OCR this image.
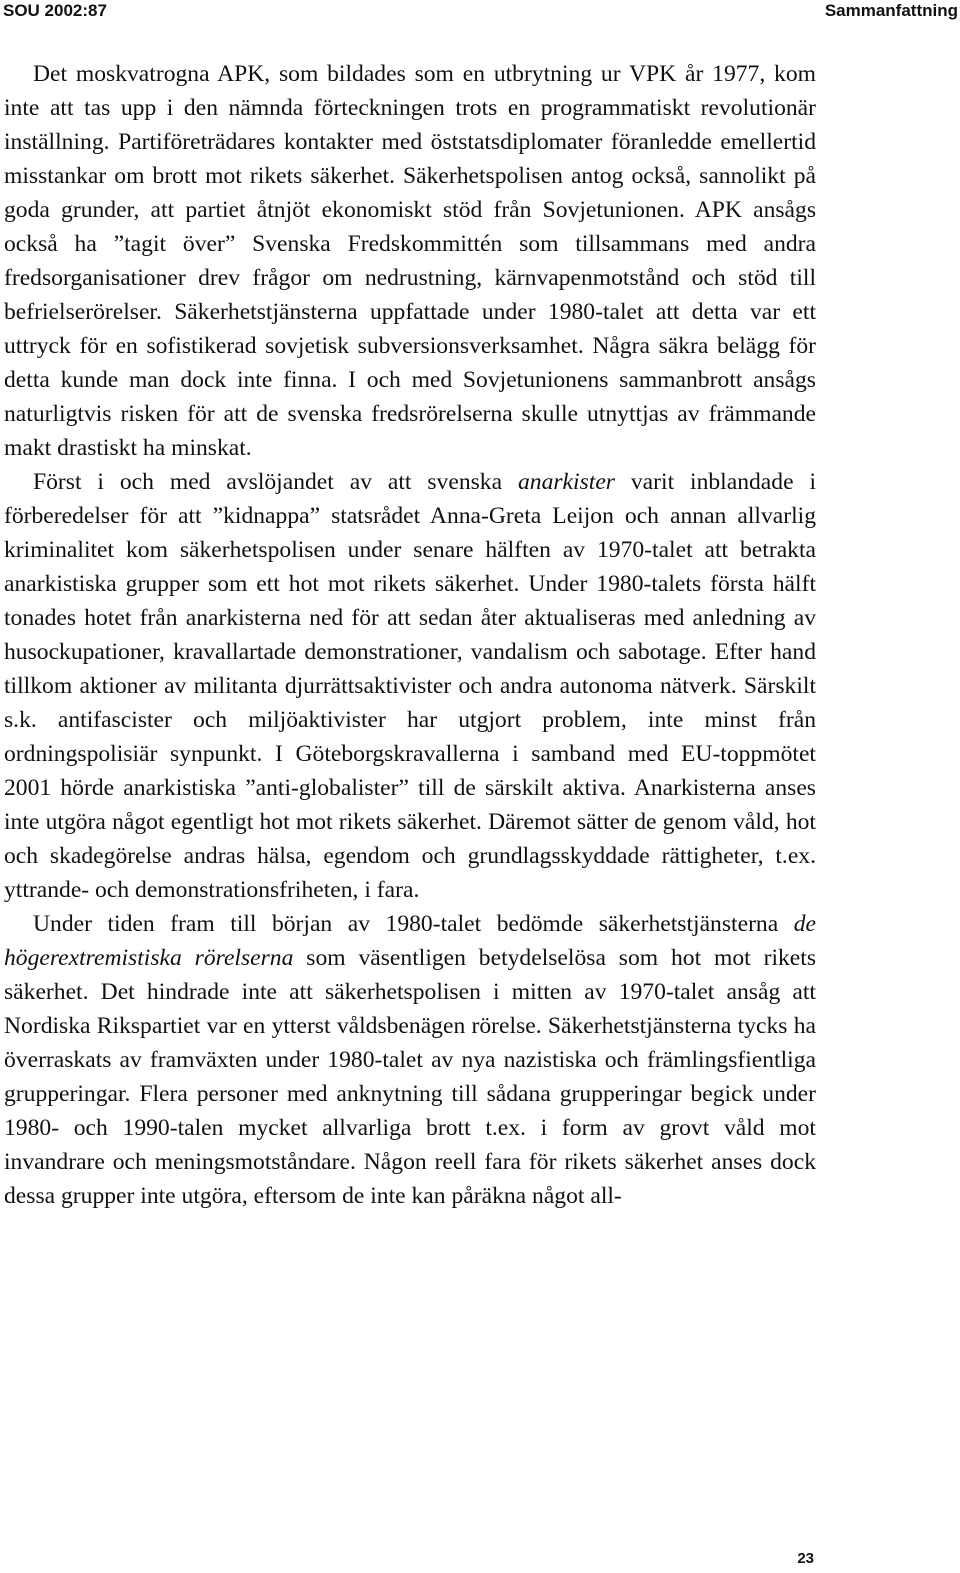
SOU 2002:87	Sammanfattning

Det moskvatrogna APK, som bildades som en utbrytning ur VPK år 1977, kom inte att tas upp i den nämnda förteckningen trots en programmatiskt revolutionär inställning. Partiföreträdares kontakter med öststatsdiplomater föranledde emellertid misstankar om brott mot rikets säkerhet. Säkerhetspolisen antog också, sannolikt på goda grunder, att partiet åtnjöt ekonomiskt stöd från Sovjetunionen. APK ansågs också ha ”tagit över” Svenska Fredskommittén som tillsammans med andra fredsorganisationer drev frågor om nedrustning, kärnvapenmotstånd och stöd till befrielserörelser. Säkerhetstjänsterna uppfattade under 1980-talet att detta var ett uttryck för en sofistikerad sovjetisk subversionsverksamhet. Några säkra belägg för detta kunde man dock inte finna. I och med Sovjetunionens sammanbrott ansågs naturligtvis risken för att de svenska fredsrörelserna skulle utnyttjas av främmande makt drastiskt ha minskat.

Först i och med avslöjandet av att svenska anarkister varit inblandade i förberedelser för att ”kidnappa” statsrådet Anna-Greta Leijon och annan allvarlig kriminalitet kom säkerhetspolisen under senare hälften av 1970-talet att betrakta anarkistiska grupper som ett hot mot rikets säkerhet. Under 1980-talets första hälft tonades hotet från anarkisterna ned för att sedan åter aktualiseras med anledning av husockupationer, kravallartade demonstrationer, vandalism och sabotage. Efter hand tillkom aktioner av militanta djurrättsaktivister och andra autonoma nätverk. Särskilt s.k. antifascister och miljöaktivister har utgjort problem, inte minst från ordningspolisiär synpunkt. I Göteborgskravallerna i samband med EU-toppmötet 2001 hörde anarkistiska ”anti-globalister” till de särskilt aktiva. Anarkisterna anses inte utgöra något egentligt hot mot rikets säkerhet. Däremot sätter de genom våld, hot och skadegörelse andras hälsa, egendom och grundlagsskyddade rättigheter, t.ex. yttrande- och demonstrationsfriheten, i fara.

Under tiden fram till början av 1980-talet bedömde säkerhetstjänsterna de högerextremistiska rörelserna som väsentligen betydelselösa som hot mot rikets säkerhet. Det hindrade inte att säkerhetspolisen i mitten av 1970-talet ansåg att Nordiska Rikspartiet var en ytterst våldsbenägen rörelse. Säkerhetstjänsterna tycks ha överraskats av framväxten under 1980-talet av nya nazistiska och främlingsfientliga grupperingar. Flera personer med anknytning till sådana grupperingar begick under 1980- och 1990-talen mycket allvarliga brott t.ex. i form av grovt våld mot invandrare och meningsmotståndare. Någon reell fara för rikets säkerhet anses dock dessa grupper inte utgöra, eftersom de inte kan påräkna något all-

23
